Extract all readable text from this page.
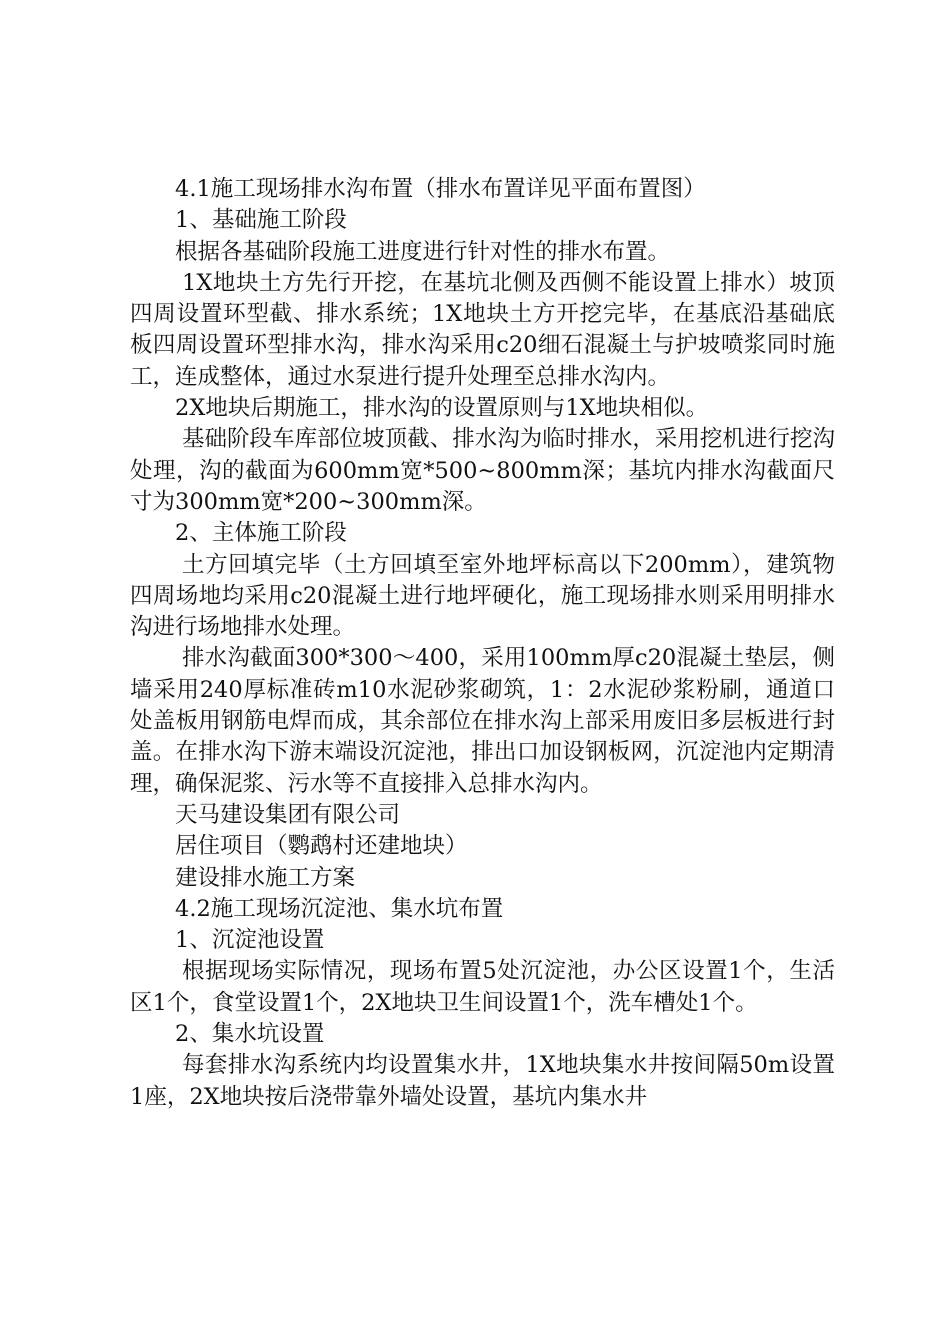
4.1施工现场排水沟布置（排水布置详见平面布置图）

1、基础施工阶段

根据各基础阶段施工进度进行针对性的排水布置。

1X地块土方先行开挖，在基坑北侧及西侧不能设置上排水）坡顶四周设置环型截、排水系统；1X地块土方开挖完毕，在基底沿基础底板四周设置环型排水沟，排水沟采用c20细石混凝土与护坡喷浆同时施工，连成整体，通过水泵进行提升处理至总排水沟内。

2X地块后期施工，排水沟的设置原则与1X地块相似。

基础阶段车库部位坡顶截、排水沟为临时排水，采用挖机进行挖沟处理，沟的截面为600mm宽*500~800mm深；基坑内排水沟截面尺寸为300mm宽*200~300mm深。

2、主体施工阶段

土方回填完毕（土方回填至室外地坪标高以下200mm），建筑物四周场地均采用c20混凝土进行地坪硬化，施工现场排水则采用明排水沟进行场地排水处理。

排水沟截面300*300～400，采用100mm厚c20混凝土垫层，侧墙采用240厚标准砖m10水泥砂浆砌筑，1：2水泥砂浆粉刷，通道口处盖板用钢筋电焊而成，其余部位在排水沟上部采用废旧多层板进行封盖。在排水沟下游末端设沉淀池，排出口加设钢板网，沉淀池内定期清理，确保泥浆、污水等不直接排入总排水沟内。

天马建设集团有限公司

居住项目（鹦鹉村还建地块）

建设排水施工方案

4.2施工现场沉淀池、集水坑布置

1、沉淀池设置

根据现场实际情况，现场布置5处沉淀池，办公区设置1个，生活区1个，食堂设置1个，2X地块卫生间设置1个，洗车槽处1个。

2、集水坑设置

每套排水沟系统内均设置集水井，1X地块集水井按间隔50m设置1座，2X地块按后浇带靠外墙处设置，基坑内集水井
